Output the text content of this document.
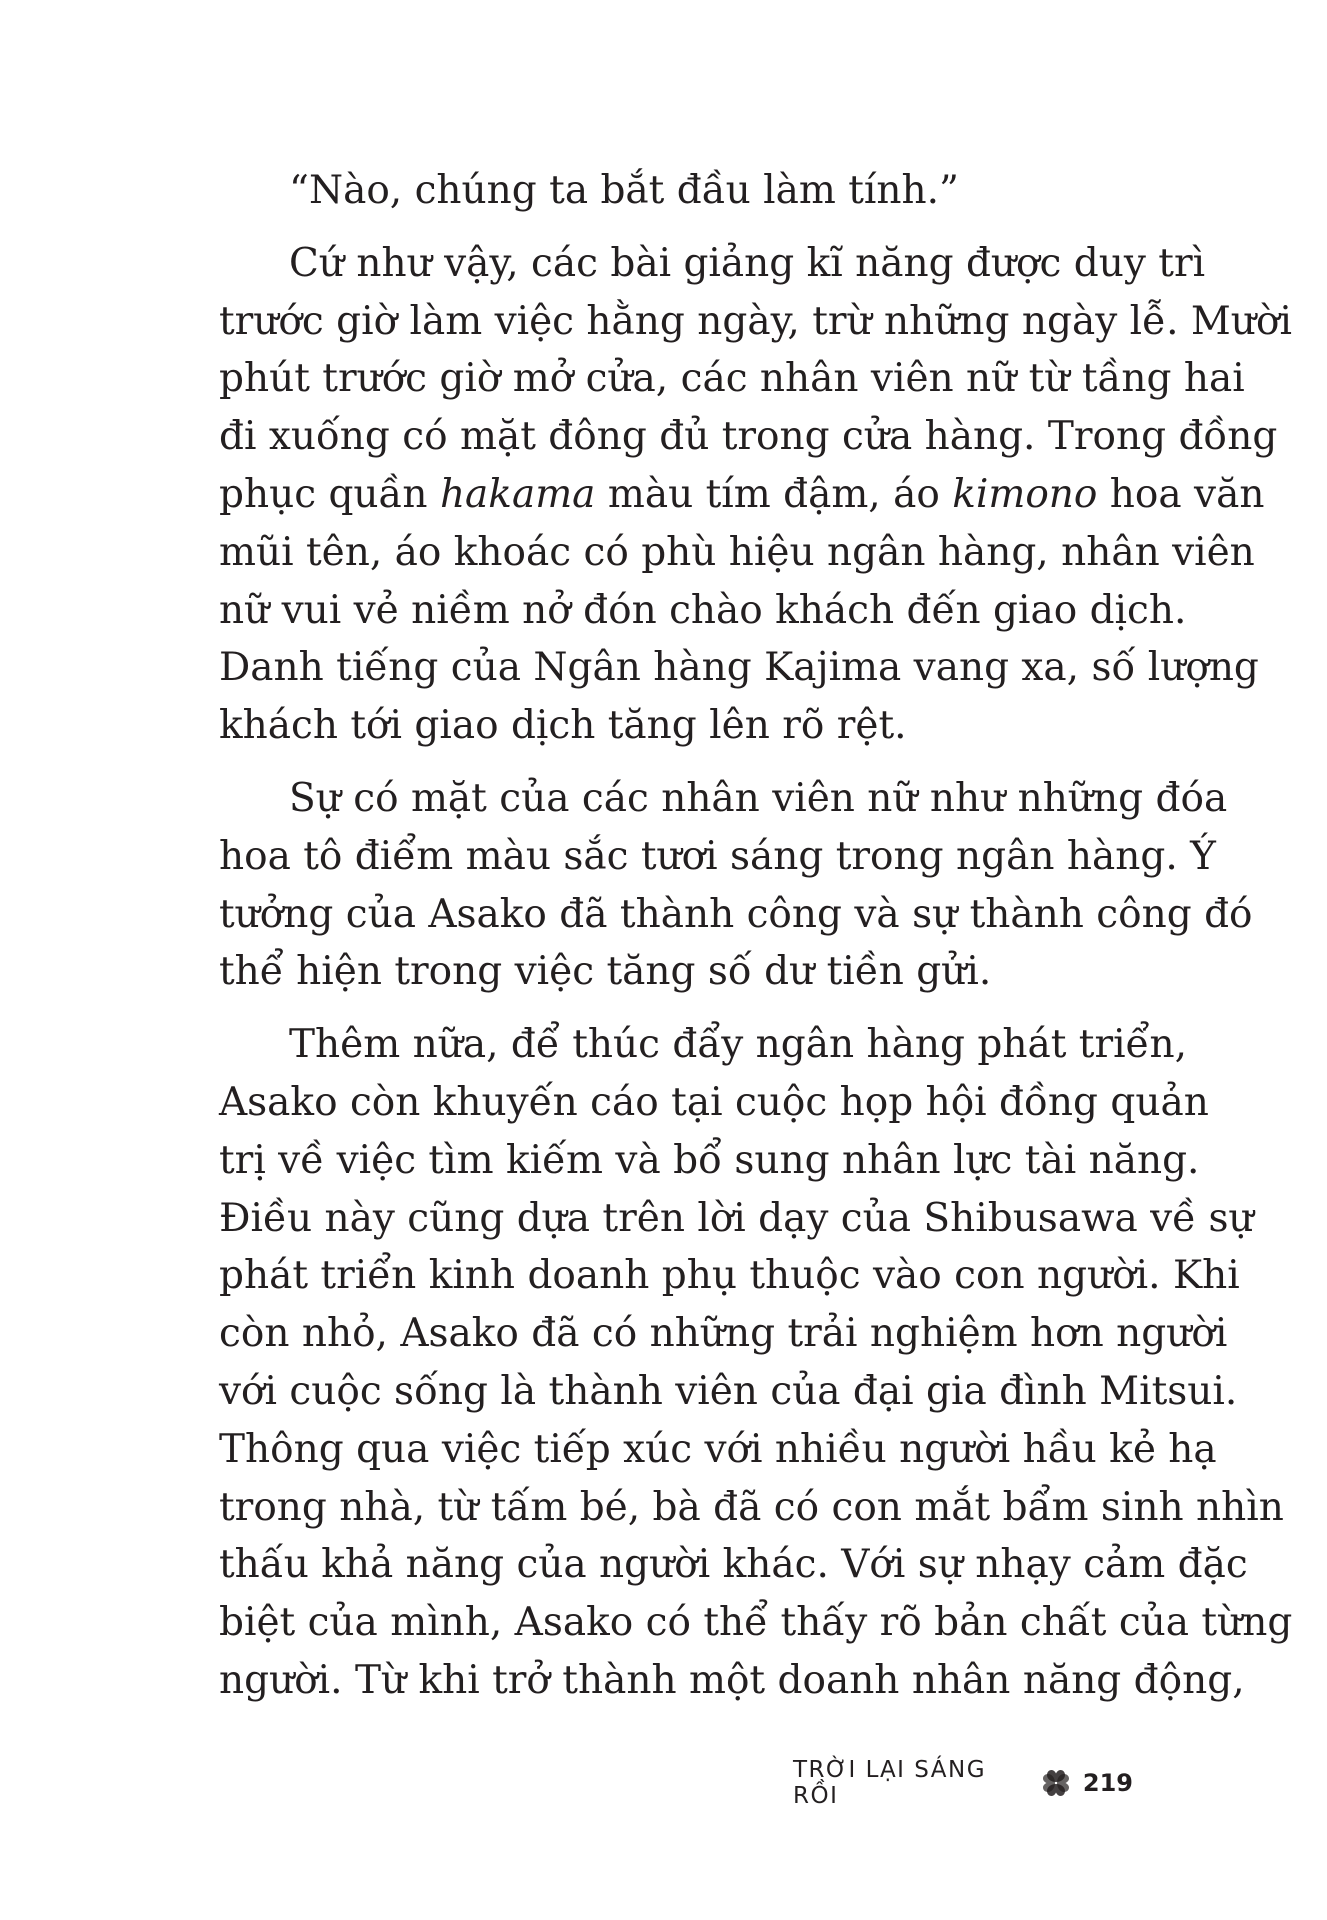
“Nào, chúng ta bắt đầu làm tính.”
Cứ như vậy, các bài giảng kĩ năng được duy trì
trước giờ làm việc hằng ngày, trừ những ngày lễ. Mười
phút trước giờ mở cửa, các nhân viên nữ từ tầng hai
đi xuống có mặt đông đủ trong cửa hàng. Trong đồng
phục quần hakama màu tím đậm, áo kimono hoa văn
mũi tên, áo khoác có phù hiệu ngân hàng, nhân viên
nữ vui vẻ niềm nở đón chào khách đến giao dịch.
Danh tiếng của Ngân hàng Kajima vang xa, số lượng
khách tới giao dịch tăng lên rõ rệt.
Sự có mặt của các nhân viên nữ như những đóa
hoa tô điểm màu sắc tươi sáng trong ngân hàng. Ý
tưởng của Asako đã thành công và sự thành công đó
thể hiện trong việc tăng số dư tiền gửi.
Thêm nữa, để thúc đẩy ngân hàng phát triển,
Asako còn khuyến cáo tại cuộc họp hội đồng quản
trị về việc tìm kiếm và bổ sung nhân lực tài năng.
Điều này cũng dựa trên lời dạy của Shibusawa về sự
phát triển kinh doanh phụ thuộc vào con người. Khi
còn nhỏ, Asako đã có những trải nghiệm hơn người
với cuộc sống là thành viên của đại gia đình Mitsui.
Thông qua việc tiếp xúc với nhiều người hầu kẻ hạ
trong nhà, từ tấm bé, bà đã có con mắt bẩm sinh nhìn
thấu khả năng của người khác. Với sự nhạy cảm đặc
biệt của mình, Asako có thể thấy rõ bản chất của từng
người. Từ khi trở thành một doanh nhân năng động,
TRỜI LẠI SÁNG RỒI	219
